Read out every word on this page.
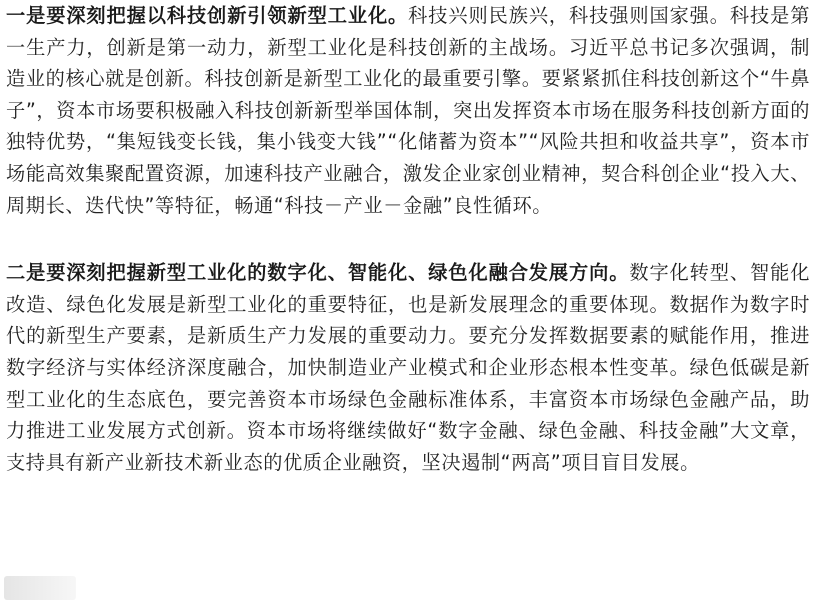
一是要深刻把握以科技创新引领新型工业化。科技兴则民族兴，科技强则国家强。科技是第一生产力，创新是第一动力，新型工业化是科技创新的主战场。习近平总书记多次强调，制造业的核心就是创新。科技创新是新型工业化的最重要引擎。要紧紧抓住科技创新这个“牛鼻子”，资本市场要积极融入科技创新新型举国体制，突出发挥资本市场在服务科技创新方面的独特优势，“集短钱变长钱，集小钱变大钱”“化储蓄为资本”“风险共担和收益共享”，资本市场能高效集聚配置资源，加速科技产业融合，激发企业家创业精神，契合科创企业“投入大、周期长、迭代快”等特征，畅通“科技－产业－金融”良性循环。

二是要深刻把握新型工业化的数字化、智能化、绿色化融合发展方向。数字化转型、智能化改造、绿色化发展是新型工业化的重要特征，也是新发展理念的重要体现。数据作为数字时代的新型生产要素，是新质生产力发展的重要动力。要充分发挥数据要素的赋能作用，推进数字经济与实体经济深度融合，加快制造业产业模式和企业形态根本性变革。绿色低碳是新型工业化的生态底色，要完善资本市场绿色金融标准体系，丰富资本市场绿色金融产品，助力推进工业发展方式创新。资本市场将继续做好“数字金融、绿色金融、科技金融”大文章，支持具有新产业新技术新业态的优质企业融资，坚决遏制“两高”项目盲目发展。
